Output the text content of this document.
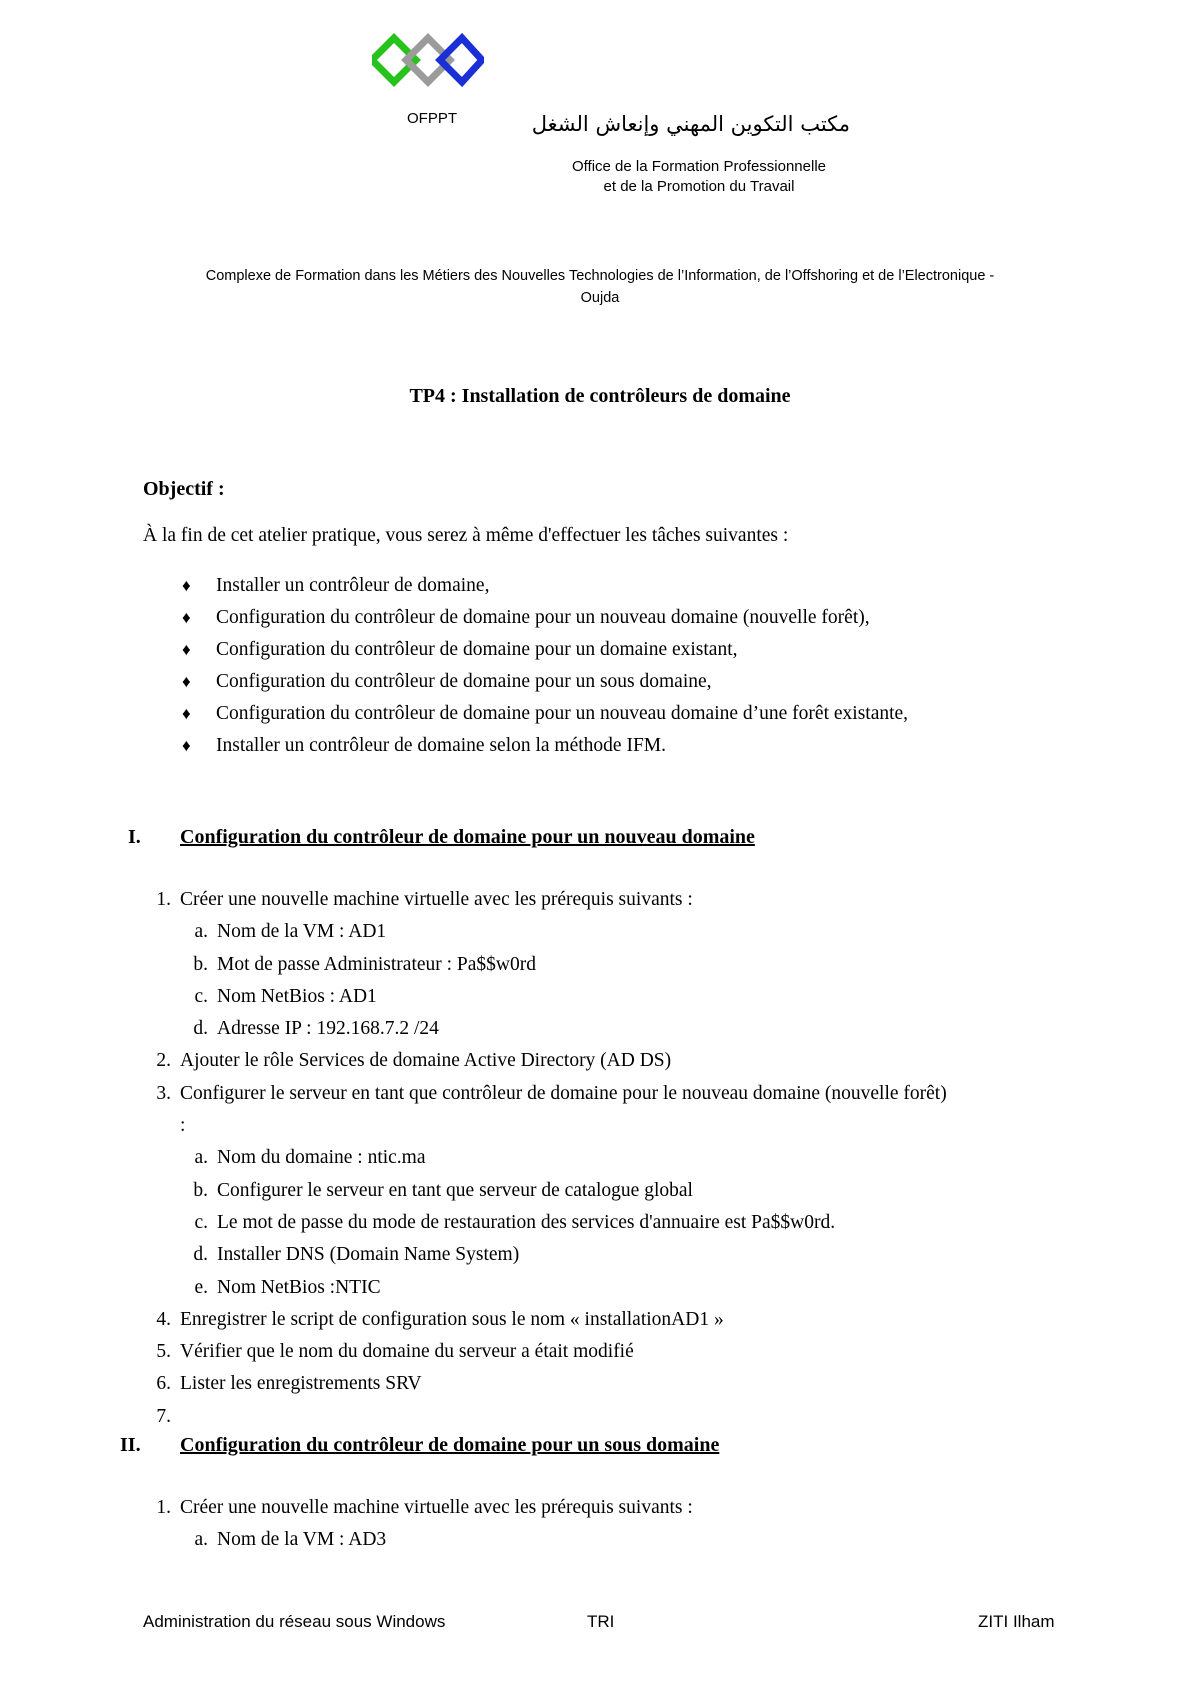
OFPPT	مكتب التكوين المهني وإنعاش الشغل
Office de la Formation Professionnelle
et de la Promotion du Travail
Complexe de Formation dans les Métiers des Nouvelles Technologies de l’Information, de l’Offshoring et de l’Electronique -
Oujda
TP4 : Installation de contrôleurs de domaine
Objectif :
À la fin de cet atelier pratique, vous serez à même d'effectuer les tâches suivantes :
♦ Installer un contrôleur de domaine,
♦ Configuration du contrôleur de domaine pour un nouveau domaine (nouvelle forêt),
♦ Configuration du contrôleur de domaine pour un domaine existant,
♦ Configuration du contrôleur de domaine pour un sous domaine,
♦ Configuration du contrôleur de domaine pour un nouveau domaine d’une forêt existante,
♦ Installer un contrôleur de domaine selon la méthode IFM.
I. Configuration du contrôleur de domaine pour un nouveau domaine
1. Créer une nouvelle machine virtuelle avec les prérequis suivants :
a. Nom de la VM : AD1
b. Mot de passe Administrateur : Pa$$w0rd
c. Nom NetBios : AD1
d. Adresse IP : 192.168.7.2 /24
2. Ajouter le rôle Services de domaine Active Directory (AD DS)
3. Configurer le serveur en tant que contrôleur de domaine pour le nouveau domaine (nouvelle forêt) :
a. Nom du domaine : ntic.ma
b. Configurer le serveur en tant que serveur de catalogue global
c. Le mot de passe du mode de restauration des services d'annuaire est Pa$$w0rd.
d. Installer DNS (Domain Name System)
e. Nom NetBios :NTIC
4. Enregistrer le script de configuration sous le nom « installationAD1 »
5. Vérifier que le nom du domaine du serveur a était modifié
6. Lister les enregistrements SRV
7.
II. Configuration du contrôleur de domaine pour un sous domaine
1. Créer une nouvelle machine virtuelle avec les prérequis suivants :
a. Nom de la VM : AD3
Administration du réseau sous Windows	TRI	ZITI Ilham
